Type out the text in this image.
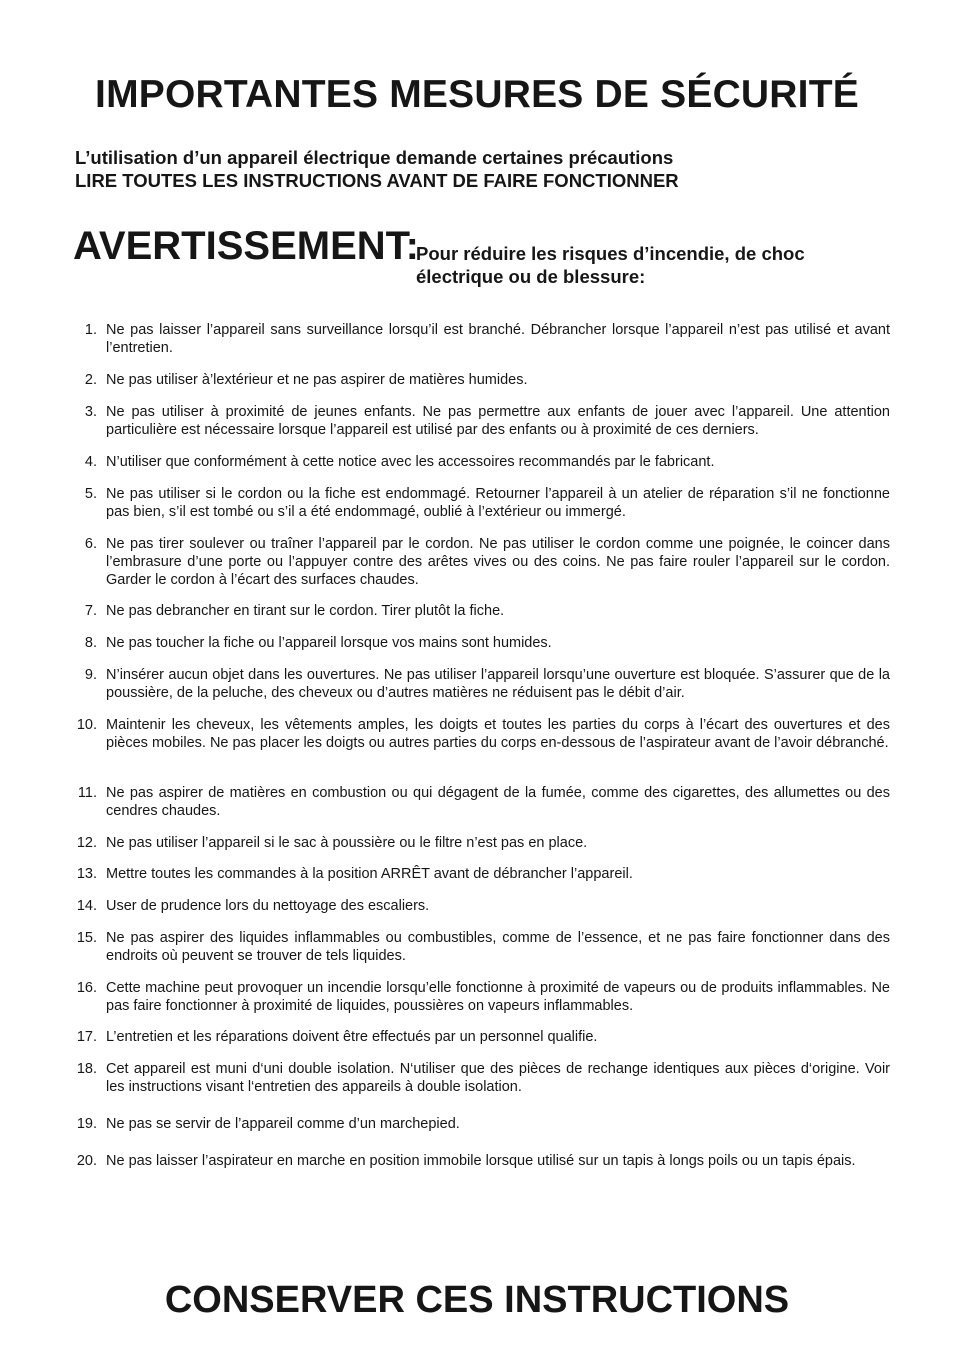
IMPORTANTES MESURES DE SÉCURITÉ
L’utilisation d’un appareil électrique demande certaines précautions
LIRE TOUTES LES INSTRUCTIONS AVANT DE FAIRE FONCTIONNER
AVERTISSEMENT:
Pour réduire les risques d’incendie, de choc
électrique ou de blessure:
1. Ne pas laisser l’appareil sans surveillance lorsqu’il est branché. Débrancher lorsque l’appareil n’est pas utilisé et avant l’entretien.
2. Ne pas utiliser à’lextérieur et ne pas aspirer de matières humides.
3. Ne pas utiliser à proximité de jeunes enfants. Ne pas permettre aux enfants de jouer avec l’appareil. Une attention particulière est nécessaire lorsque l’appareil est utilisé par des enfants ou à proximité de ces derniers.
4. N’utiliser que conformément à cette notice avec les accessoires recommandés par le fabricant.
5. Ne pas utiliser si le cordon ou la fiche est endommagé. Retourner l’appareil à un atelier de réparation s’il ne fonctionne pas bien, s’il est tombé ou s’il a été endommagé, oublié à l’extérieur ou immergé.
6. Ne pas tirer soulever ou traîner l’appareil par le cordon. Ne pas utiliser le cordon comme une poignée, le coincer dans l’embrasure d’une porte ou l’appuyer contre des arêtes vives ou des coins. Ne pas faire rouler l’appareil sur le cordon. Garder le cordon à l’écart des surfaces chaudes.
7. Ne pas debrancher en tirant sur le cordon. Tirer plutôt la fiche.
8. Ne pas toucher la fiche ou l’appareil lorsque vos mains sont humides.
9. N’insérer aucun objet dans les ouvertures. Ne pas utiliser l’appareil lorsqu’une ouverture est bloquée. S’assurer que de la poussière, de la peluche, des cheveux ou d’autres matières ne réduisent pas le débit d’air.
10. Maintenir les cheveux, les vêtements amples, les doigts et toutes les parties du corps à l’écart des ouvertures et des pièces mobiles. Ne pas placer les doigts ou autres parties du corps en-dessous de l’aspirateur avant de l’avoir débranché.
11. Ne pas aspirer de matières en combustion ou qui dégagent de la fumée, comme des cigarettes, des allumettes ou des cendres chaudes.
12. Ne pas utiliser l’appareil si le sac à poussière ou le filtre n’est pas en place.
13. Mettre toutes les commandes à la position ARRÊT avant de débrancher l’appareil.
14. User de prudence lors du nettoyage des escaliers.
15. Ne pas aspirer des liquides inflammables ou combustibles, comme de l’essence, et ne pas faire fonctionner dans des endroits où peuvent se trouver de tels liquides.
16. Cette machine peut provoquer un incendie lorsqu’elle fonctionne à proximité de vapeurs ou de produits inflammables. Ne pas faire fonctionner à proximité de liquides, poussières on vapeurs inflammables.
17. L’entretien et les réparations doivent être effectués par un personnel qualifie.
18. Cet appareil est muni d‘uni double isolation. N‘utiliser que des pièces de rechange identiques aux pièces d‘origine. Voir les instructions visant l‘entretien des appareils à double isolation.
19. Ne pas se servir de l’appareil comme d’un marchepied.
20. Ne pas laisser l’aspirateur en marche en position immobile lorsque utilisé sur un tapis à longs poils ou un tapis épais.
CONSERVER CES INSTRUCTIONS
